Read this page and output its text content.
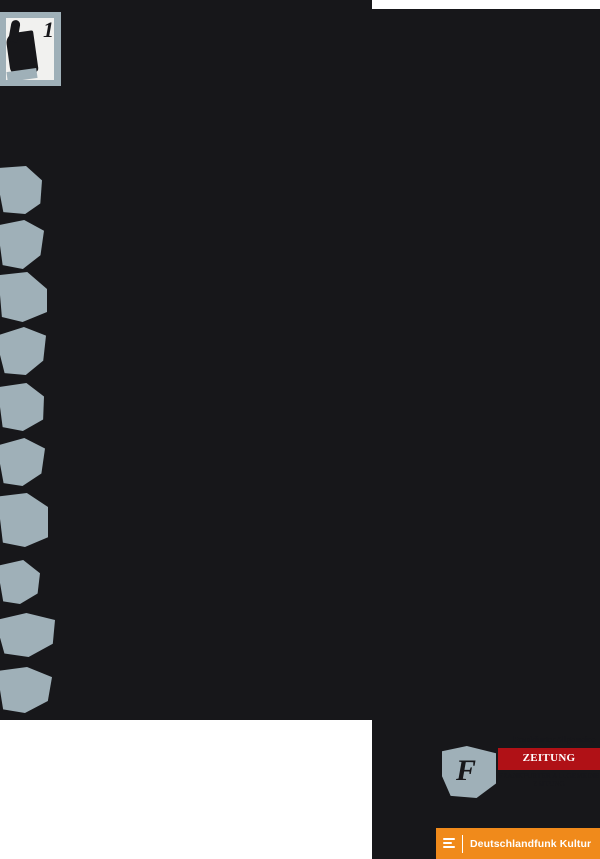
1
F
Frankfurter Allgemeine
ZEITUNG
FRANKFURTER ALLGEMEINE ZEITUNG
Deutschlandfunk Kultur
